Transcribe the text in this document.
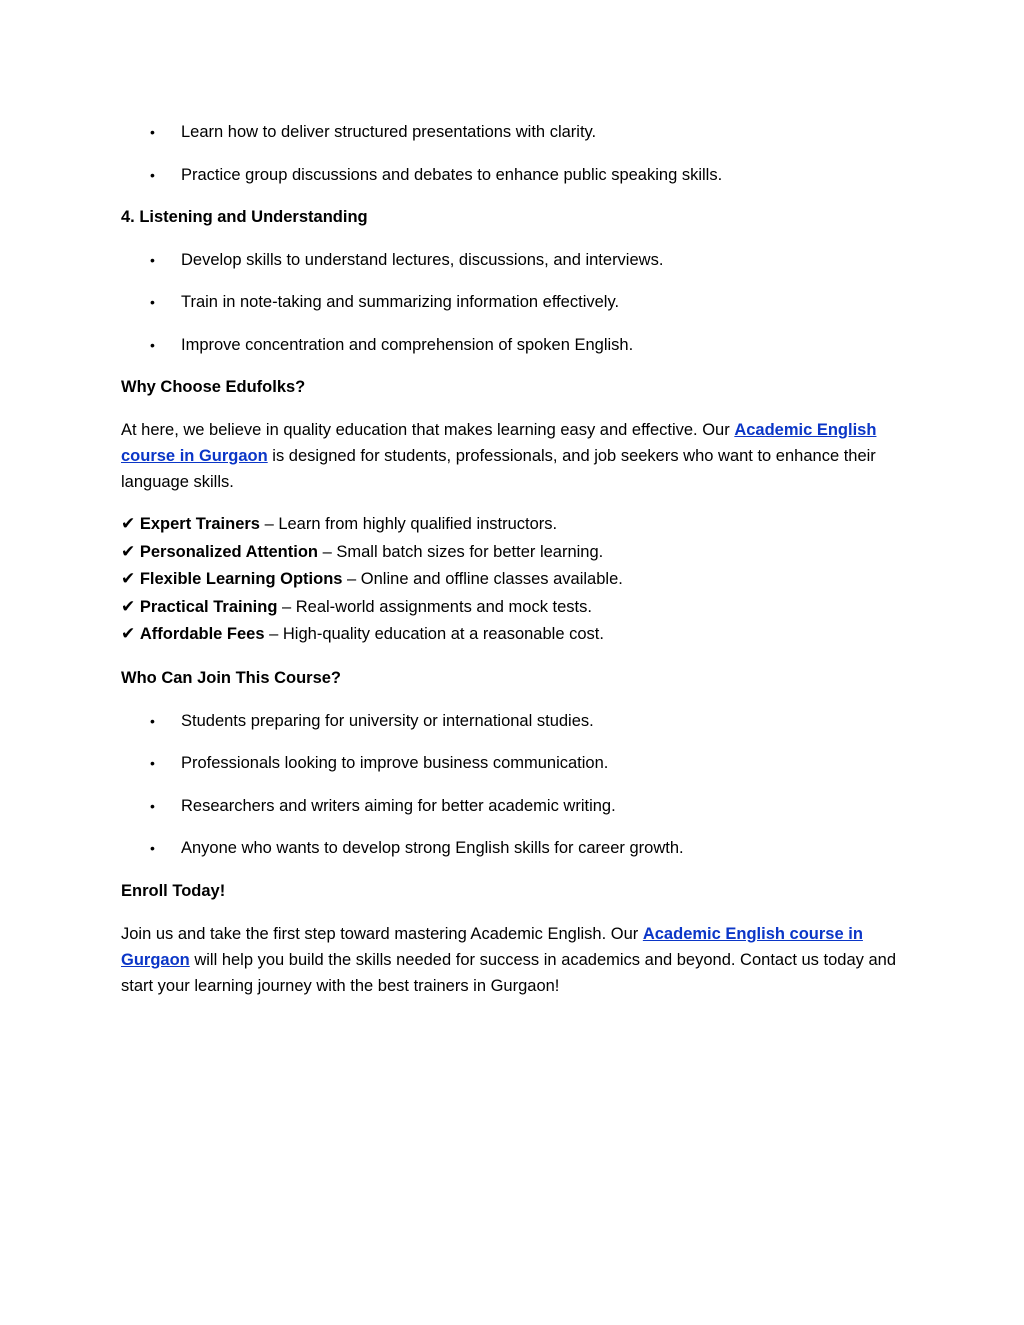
• Learn how to deliver structured presentations with clarity.
• Practice group discussions and debates to enhance public speaking skills.
4. Listening and Understanding
• Develop skills to understand lectures, discussions, and interviews.
• Train in note-taking and summarizing information effectively.
• Improve concentration and comprehension of spoken English.
Why Choose Edufolks?
At here, we believe in quality education that makes learning easy and effective. Our Academic English course in Gurgaon is designed for students, professionals, and job seekers who want to enhance their language skills.
✔ Expert Trainers – Learn from highly qualified instructors.
✔ Personalized Attention – Small batch sizes for better learning.
✔ Flexible Learning Options – Online and offline classes available.
✔ Practical Training – Real-world assignments and mock tests.
✔ Affordable Fees – High-quality education at a reasonable cost.
Who Can Join This Course?
• Students preparing for university or international studies.
• Professionals looking to improve business communication.
• Researchers and writers aiming for better academic writing.
• Anyone who wants to develop strong English skills for career growth.
Enroll Today!
Join us and take the first step toward mastering Academic English. Our Academic English course in Gurgaon will help you build the skills needed for success in academics and beyond. Contact us today and start your learning journey with the best trainers in Gurgaon!
